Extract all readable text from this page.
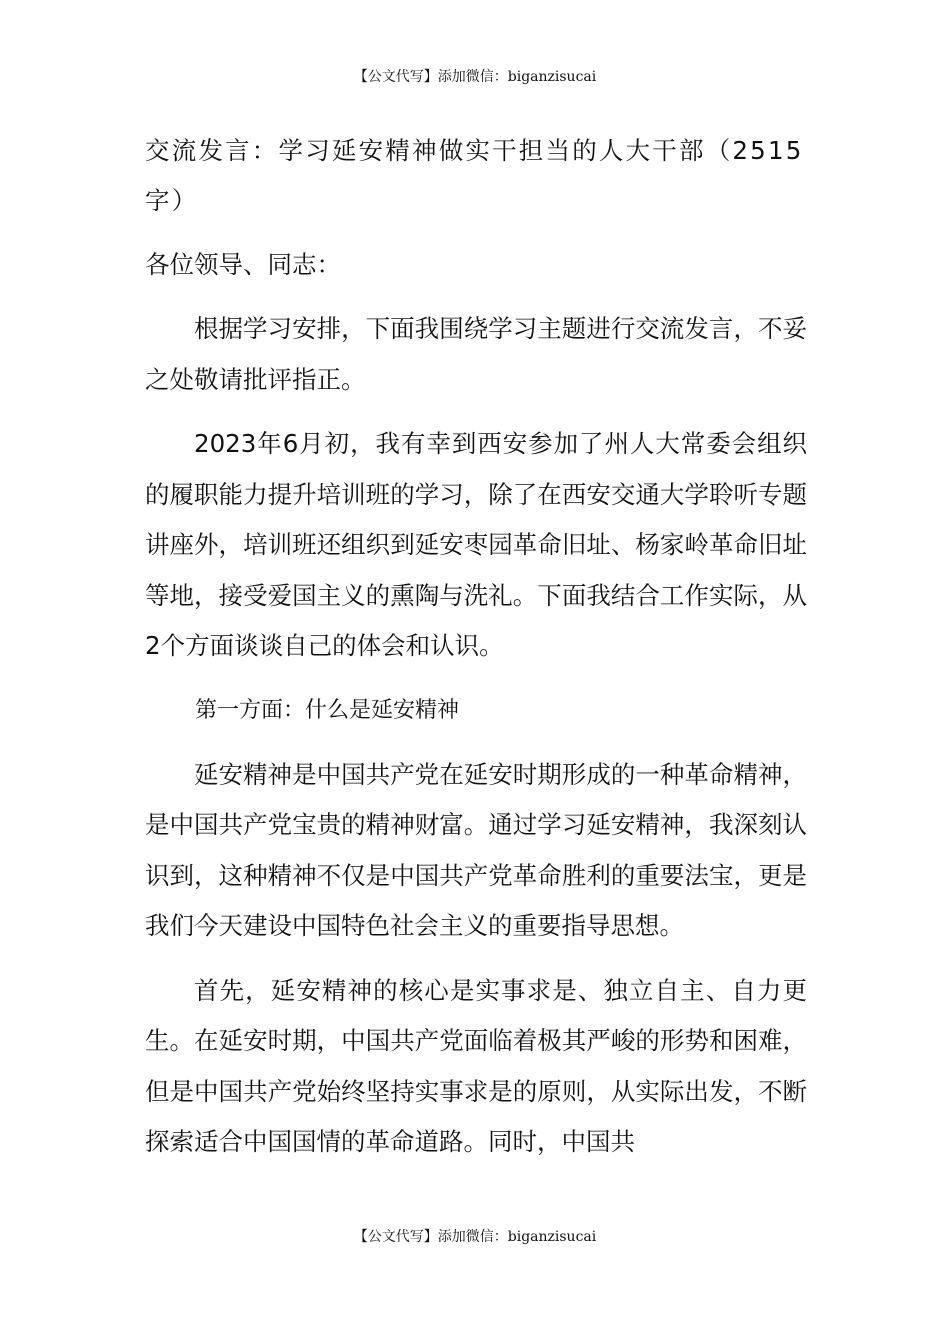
【公文代写】添加微信：biganzisucai

交流发言：学习延安精神做实干担当的人大干部（2515字）

各位领导、同志：

根据学习安排，下面我围绕学习主题进行交流发言，不妥之处敬请批评指正。

2023年6月初，我有幸到西安参加了州人大常委会组织的履职能力提升培训班的学习，除了在西安交通大学聆听专题讲座外，培训班还组织到延安枣园革命旧址、杨家岭革命旧址等地，接受爱国主义的熏陶与洗礼。下面我结合工作实际，从2个方面谈谈自己的体会和认识。

第一方面：什么是延安精神

延安精神是中国共产党在延安时期形成的一种革命精神，是中国共产党宝贵的精神财富。通过学习延安精神，我深刻认识到，这种精神不仅是中国共产党革命胜利的重要法宝，更是我们今天建设中国特色社会主义的重要指导思想。

首先，延安精神的核心是实事求是、独立自主、自力更生。在延安时期，中国共产党面临着极其严峻的形势和困难，但是中国共产党始终坚持实事求是的原则，从实际出发，不断探索适合中国国情的革命道路。同时，中国共

【公文代写】添加微信：biganzisucai
